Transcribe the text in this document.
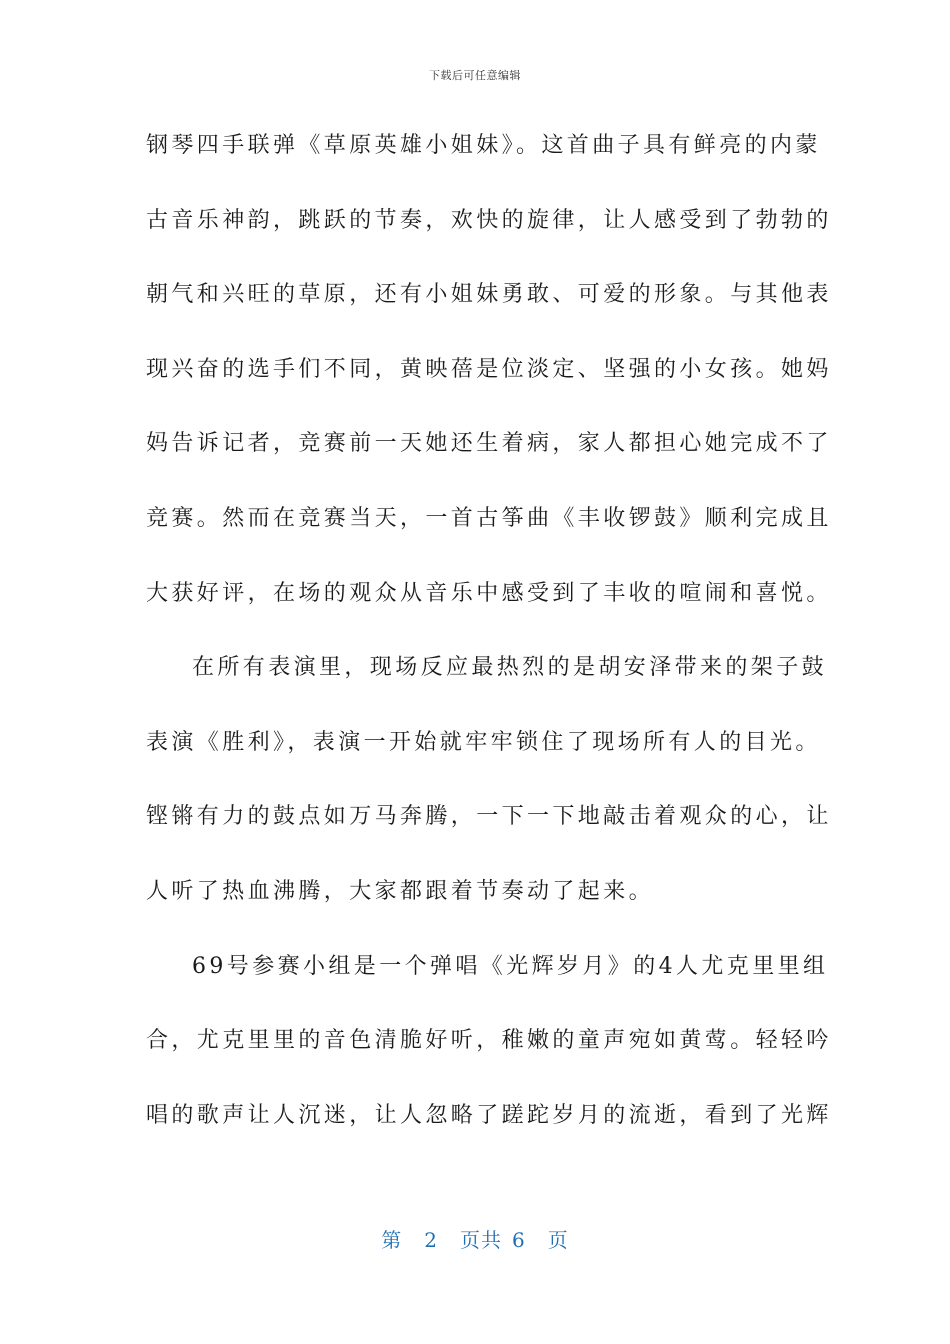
下载后可任意编辑
钢琴四手联弹《草原英雄小姐妹》。这首曲子具有鲜亮的内蒙
古音乐神韵，跳跃的节奏，欢快的旋律，让人感受到了勃勃的
朝气和兴旺的草原，还有小姐妹勇敢、可爱的形象。与其他表
现兴奋的选手们不同，黄映蓓是位淡定、坚强的小女孩。她妈
妈告诉记者，竞赛前一天她还生着病，家人都担心她完成不了
竞赛。然而在竞赛当天，一首古筝曲《丰收锣鼓》顺利完成且
大获好评，在场的观众从音乐中感受到了丰收的喧闹和喜悦。
在所有表演里，现场反应最热烈的是胡安泽带来的架子鼓
表演《胜利》，表演一开始就牢牢锁住了现场所有人的目光。
铿锵有力的鼓点如万马奔腾，一下一下地敲击着观众的心，让
人听了热血沸腾，大家都跟着节奏动了起来。
69号参赛小组是一个弹唱《光辉岁月》的4人尤克里里组
合，尤克里里的音色清脆好听，稚嫩的童声宛如黄莺。轻轻吟
唱的歌声让人沉迷，让人忽略了蹉跎岁月的流逝，看到了光辉
第 2 页共 6 页
